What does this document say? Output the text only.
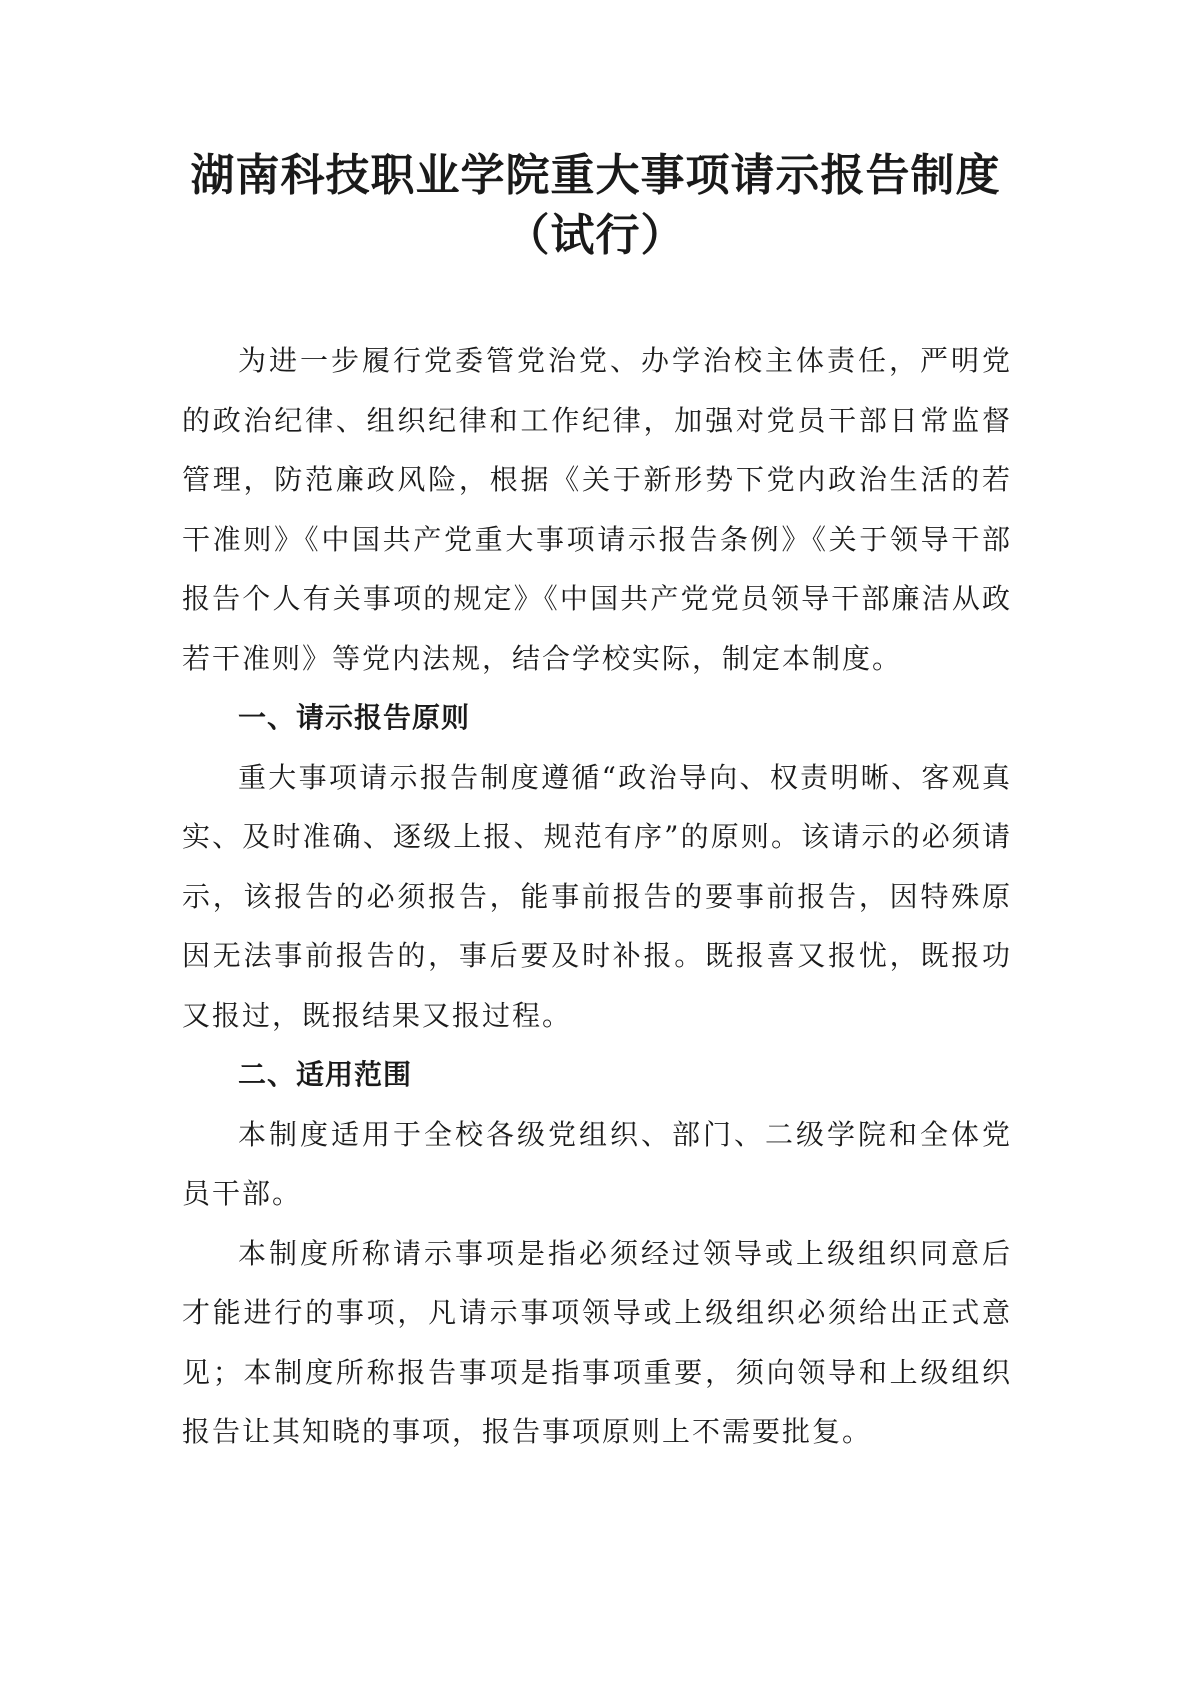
湖南科技职业学院重大事项请示报告制度
（试行）

为进一步履行党委管党治党、办学治校主体责任，严明党的政治纪律、组织纪律和工作纪律，加强对党员干部日常监督管理，防范廉政风险，根据《关于新形势下党内政治生活的若干准则》《中国共产党重大事项请示报告条例》《关于领导干部报告个人有关事项的规定》《中国共产党党员领导干部廉洁从政若干准则》等党内法规，结合学校实际，制定本制度。

一、请示报告原则

重大事项请示报告制度遵循“政治导向、权责明晰、客观真实、及时准确、逐级上报、规范有序”的原则。该请示的必须请示，该报告的必须报告，能事前报告的要事前报告，因特殊原因无法事前报告的，事后要及时补报。既报喜又报忧，既报功又报过，既报结果又报过程。

二、适用范围

本制度适用于全校各级党组织、部门、二级学院和全体党员干部。

本制度所称请示事项是指必须经过领导或上级组织同意后才能进行的事项，凡请示事项领导或上级组织必须给出正式意见；本制度所称报告事项是指事项重要，须向领导和上级组织报告让其知晓的事项，报告事项原则上不需要批复。
